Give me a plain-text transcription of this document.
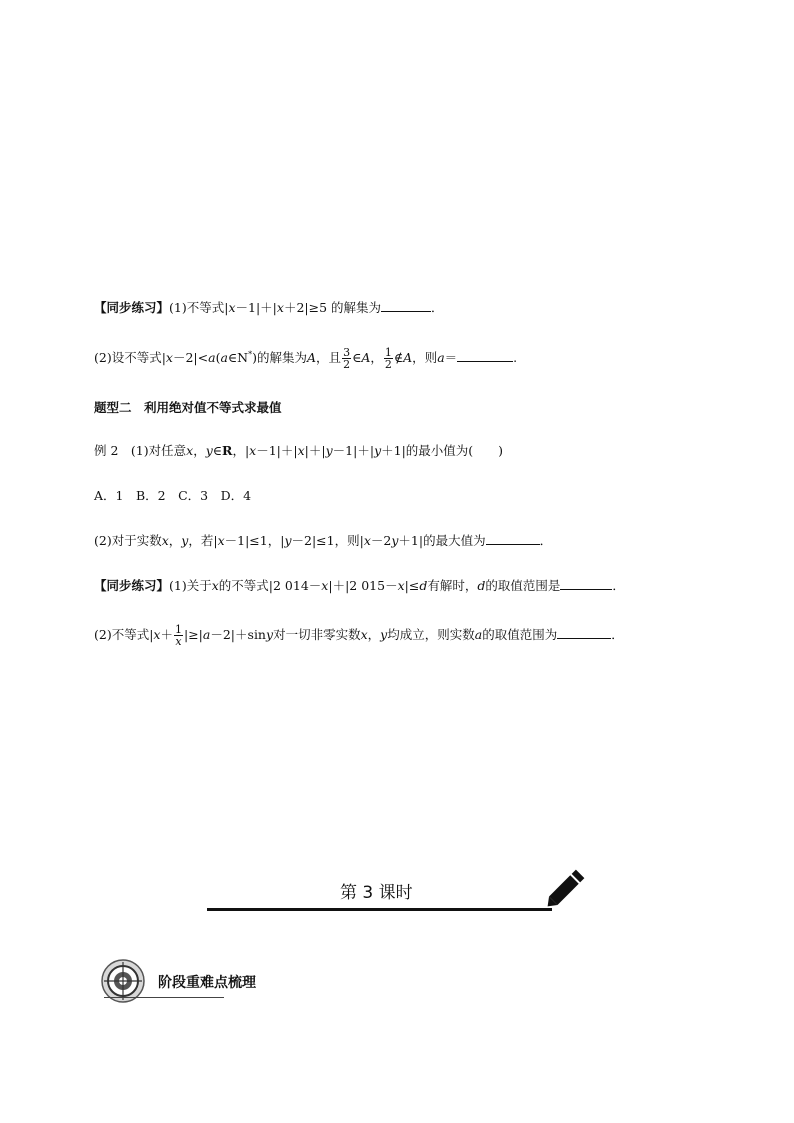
【同步练习】(1)不等式|x－1|＋|x＋2|≥5 的解集为	．
(2)设不等式|x－2|<a(a∈N*)的解集为A，且 $\frac{3}{2}$ ∈A， $\frac{1}{2}$ ∉A，则a＝	.
题型二　利用绝对值不等式求最值
例 2　(1)对任意x，y∈R，|x－1|＋|x|＋|y－1|＋|y＋1|的最小值为(　　)
A．1　B．2　C．3　D．4
(2)对于实数x，y，若|x－1|≤1，|y－2|≤1，则|x－2y＋1|的最大值为	．
【同步练习】(1)关于x的不等式|2 014－x|＋|2 015－x|≤d有解时，d的取值范围是	．
(2)不等式$|x+ \frac{1}{x} |\ge|a-2|+\sin y$对一切非零实数x，y均成立，则实数a的取值范围为	．
第 3 课时
阶段重难点梳理
